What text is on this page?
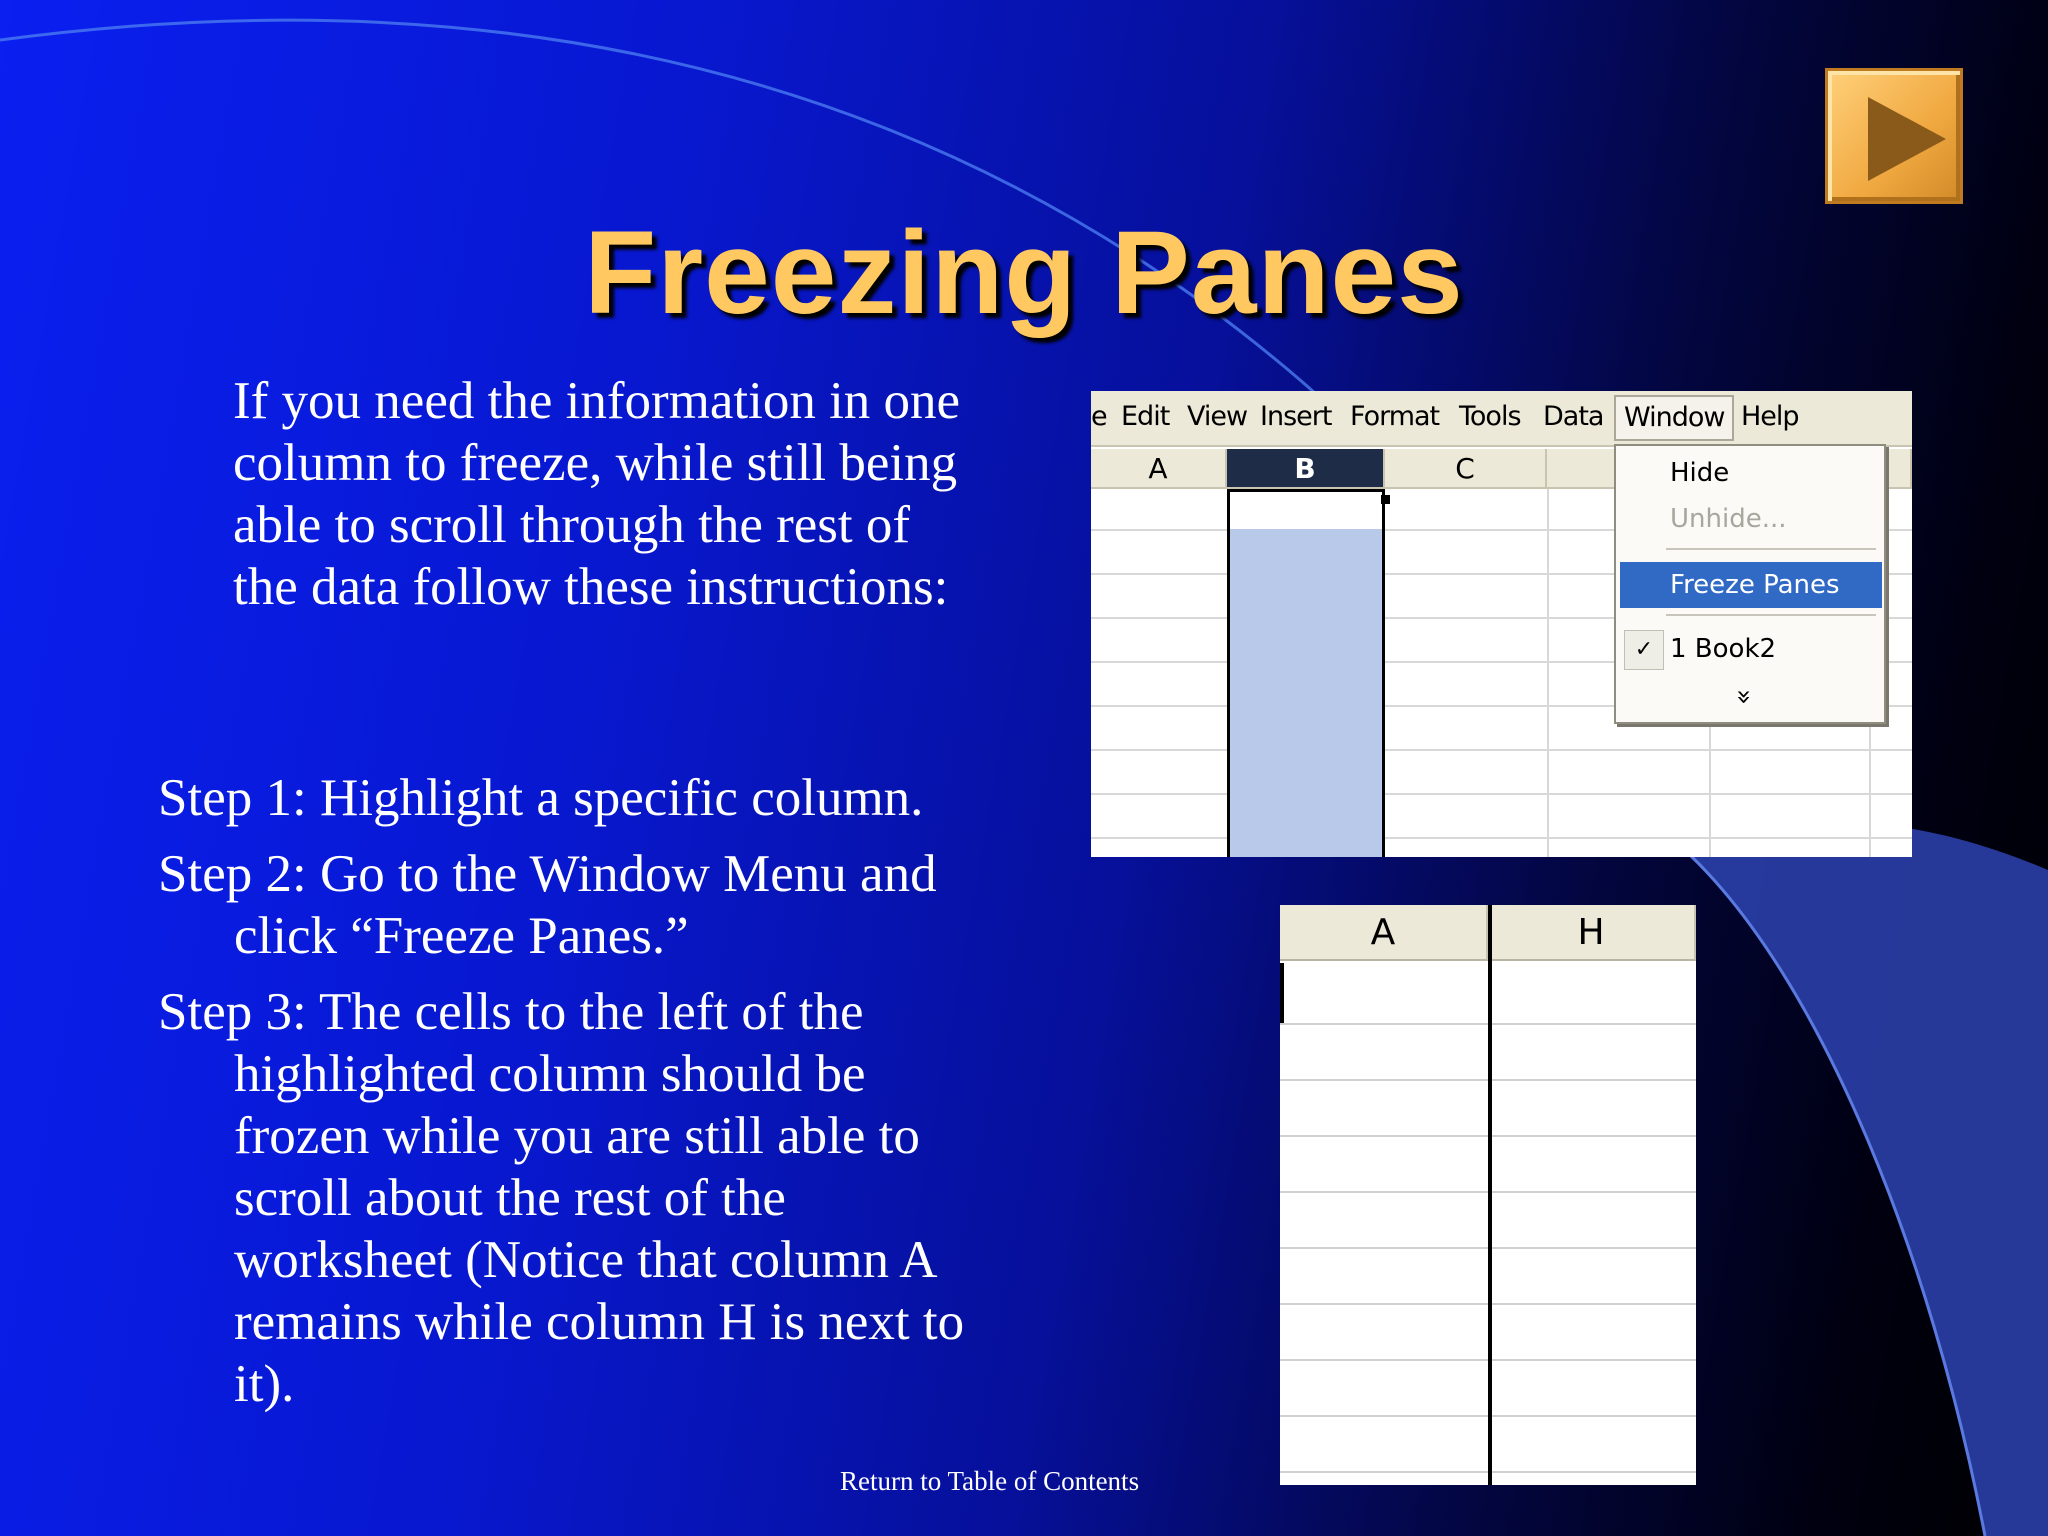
Freezing Panes
If you need the information in one column to freeze, while still being able to scroll through the rest of the data follow these instructions:
Step 1: Highlight a specific column.
Step 2: Go to the Window Menu and click “Freeze Panes.”
Step 3: The cells to the left of the highlighted column should be frozen while you are still able to scroll about the rest of the worksheet (Notice that column A remains while column H is next to it).
Return to Table of Contents
e Edit View Insert Format Tools Data Window Help
A	B	C	Hide
Unhide...
Freeze Panes
✓ 1 Book2
»
A	H
